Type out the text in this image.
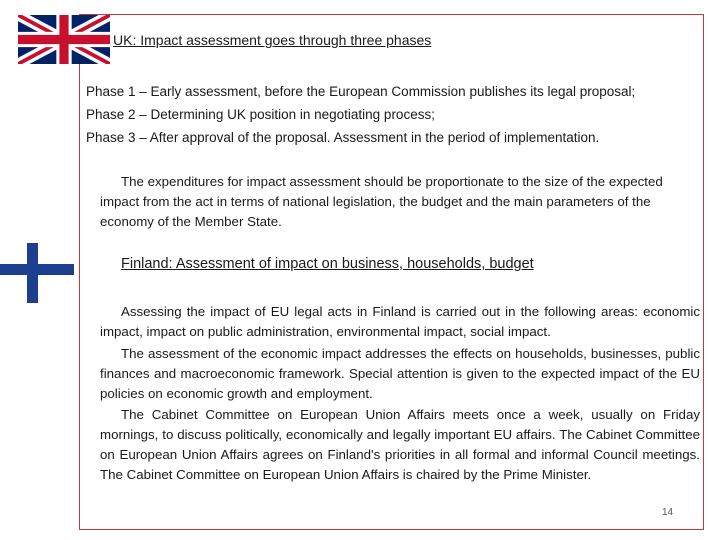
UK: Impact assessment goes through three phases
Phase 1 – Early assessment, before the European Commission publishes its legal proposal;
Phase 2 – Determining UK position in negotiating process;
Phase 3 – After approval of the proposal. Assessment in the period of implementation.

The expenditures for impact assessment should be proportionate to the size of the expected impact from the act in terms of national legislation, the budget and the main parameters of the economy of the Member State.

Finland: Assessment of impact on business, households, budget

Assessing the impact of EU legal acts in Finland is carried out in the following areas: economic impact, impact on public administration, environmental impact, social impact.

The assessment of the economic impact addresses the effects on households, businesses, public finances and macroeconomic framework. Special attention is given to the expected impact of the EU policies on economic growth and employment.

The Cabinet Committee on European Union Affairs meets once a week, usually on Friday mornings, to discuss politically, economically and legally important EU affairs. The Cabinet Committee on European Union Affairs agrees on Finland's priorities in all formal and informal Council meetings. The Cabinet Committee on European Union Affairs is chaired by the Prime Minister.

14
